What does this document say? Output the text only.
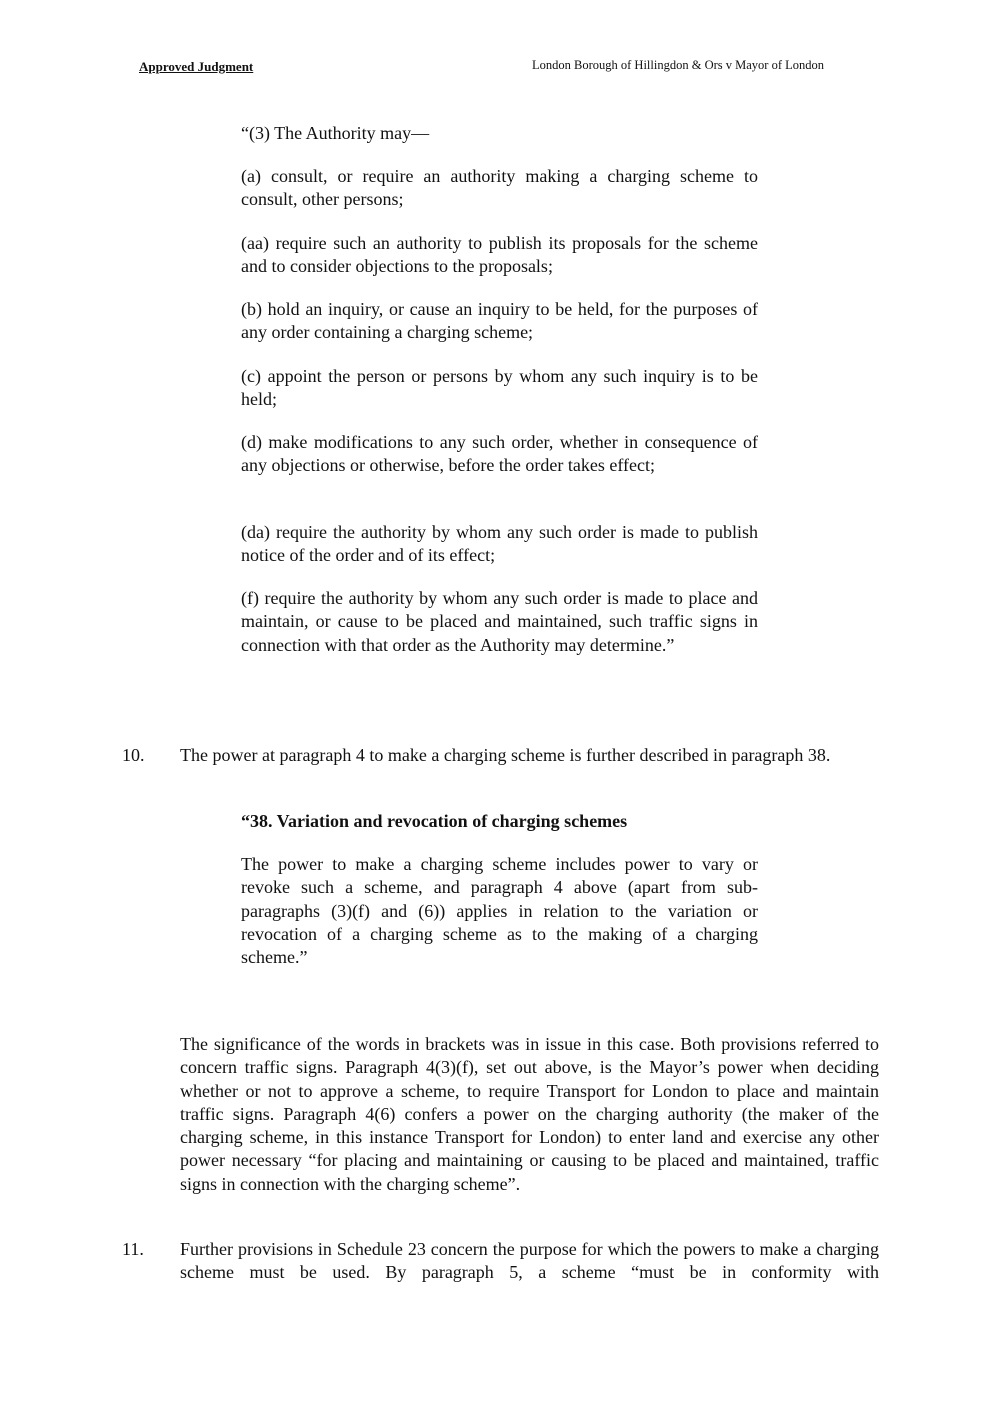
Approved Judgment	London Borough of Hillingdon & Ors v Mayor of London

“(3) The Authority may—

(a) consult, or require an authority making a charging scheme to consult, other persons;

(aa) require such an authority to publish its proposals for the scheme and to consider objections to the proposals;

(b) hold an inquiry, or cause an inquiry to be held, for the purposes of any order containing a charging scheme;

(c) appoint the person or persons by whom any such inquiry is to be held;

(d) make modifications to any such order, whether in consequence of any objections or otherwise, before the order takes effect;

(da) require the authority by whom any such order is made to publish notice of the order and of its effect;

(f) require the authority by whom any such order is made to place and maintain, or cause to be placed and maintained, such traffic signs in connection with that order as the Authority may determine.”

10. The power at paragraph 4 to make a charging scheme is further described in paragraph 38.

“38. Variation and revocation of charging schemes

The power to make a charging scheme includes power to vary or revoke such a scheme, and paragraph 4 above (apart from sub-paragraphs (3)(f) and (6)) applies in relation to the variation or revocation of a charging scheme as to the making of a charging scheme.”

The significance of the words in brackets was in issue in this case. Both provisions referred to concern traffic signs. Paragraph 4(3)(f), set out above, is the Mayor’s power when deciding whether or not to approve a scheme, to require Transport for London to place and maintain traffic signs. Paragraph 4(6) confers a power on the charging authority (the maker of the charging scheme, in this instance Transport for London) to enter land and exercise any other power necessary “for placing and maintaining or causing to be placed and maintained, traffic signs in connection with the charging scheme”.

11. Further provisions in Schedule 23 concern the purpose for which the powers to make a charging scheme must be used. By paragraph 5, a scheme “must be in conformity with
